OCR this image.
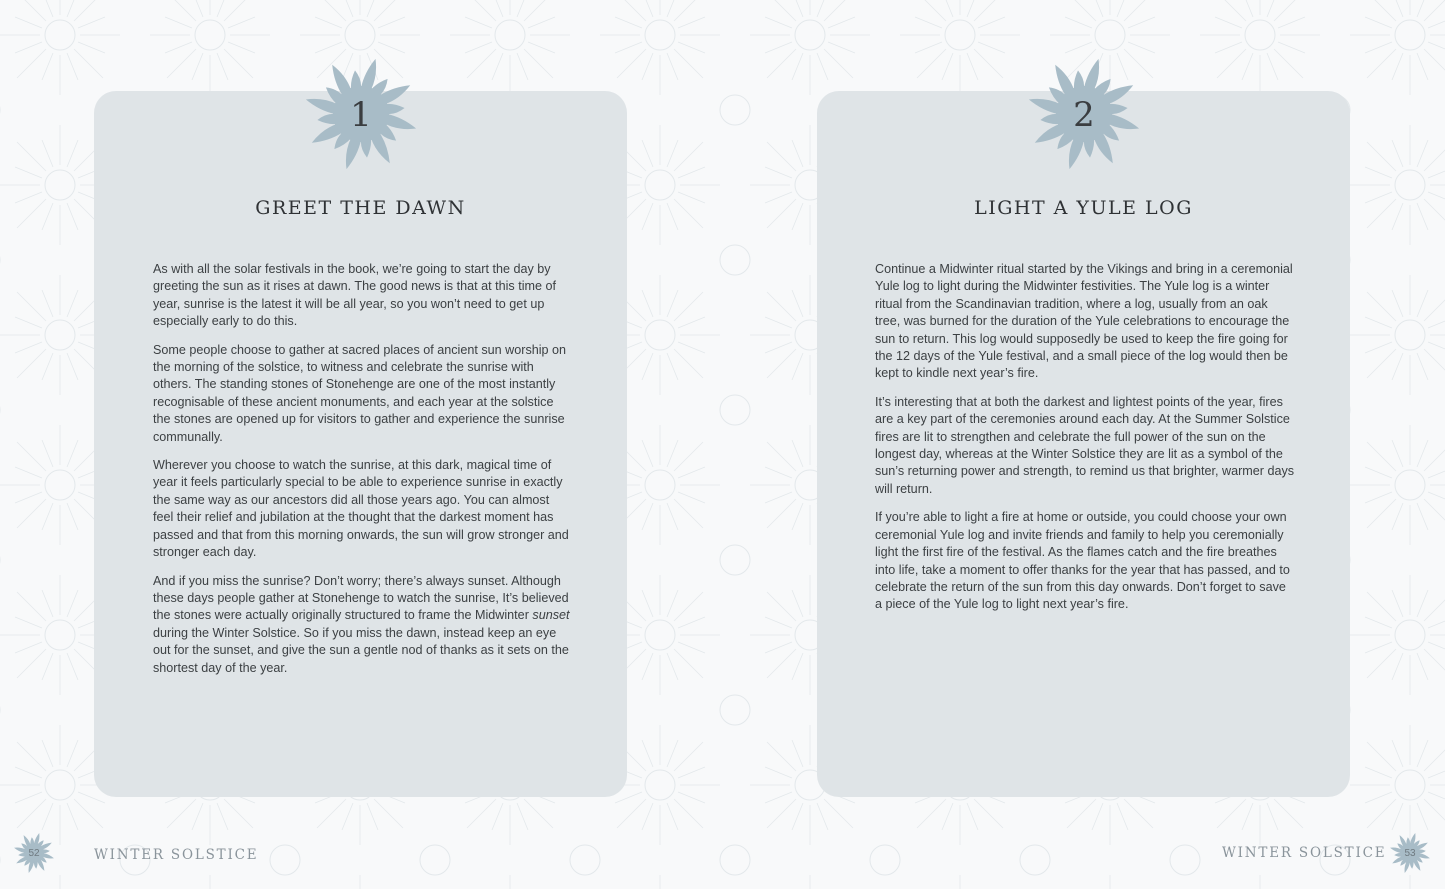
GREET THE DAWN

As with all the solar festivals in the book, we’re going to start the day by greeting the sun as it rises at dawn. The good news is that at this time of year, sunrise is the latest it will be all year, so you won’t need to get up especially early to do this.

Some people choose to gather at sacred places of ancient sun worship on the morning of the solstice, to witness and celebrate the sunrise with others. The standing stones of Stonehenge are one of the most instantly recognisable of these ancient monuments, and each year at the solstice the stones are opened up for visitors to gather and experience the sunrise communally.

Wherever you choose to watch the sunrise, at this dark, magical time of year it feels particularly special to be able to experience sunrise in exactly the same way as our ancestors did all those years ago. You can almost feel their relief and jubilation at the thought that the darkest moment has passed and that from this morning onwards, the sun will grow stronger and stronger each day.

And if you miss the sunrise? Don’t worry; there’s always sunset. Although these days people gather at Stonehenge to watch the sunrise, It’s believed the stones were actually originally structured to frame the Midwinter sunset during the Winter Solstice. So if you miss the dawn, instead keep an eye out for the sunset, and give the sun a gentle nod of thanks as it sets on the shortest day of the year.

LIGHT A YULE LOG

Continue a Midwinter ritual started by the Vikings and bring in a ceremonial Yule log to light during the Midwinter festivities. The Yule log is a winter ritual from the Scandinavian tradition, where a log, usually from an oak tree, was burned for the duration of the Yule celebrations to encourage the sun to return. This log would supposedly be used to keep the fire going for the 12 days of the Yule festival, and a small piece of the log would then be kept to kindle next year’s fire.

It’s interesting that at both the darkest and lightest points of the year, fires are a key part of the ceremonies around each day. At the Summer Solstice fires are lit to strengthen and celebrate the full power of the sun on the longest day, whereas at the Winter Solstice they are lit as a symbol of the sun’s returning power and strength, to remind us that brighter, warmer days will return.

If you’re able to light a fire at home or outside, you could choose your own ceremonial Yule log and invite friends and family to help you ceremonially light the first fire of the festival. As the flames catch and the fire breathes into life, take a moment to offer thanks for the year that has passed, and to celebrate the return of the sun from this day onwards. Don’t forget to save a piece of the Yule log to light next year’s fire.

1	2
52	WINTER SOLSTICE	WINTER SOLSTICE	53
